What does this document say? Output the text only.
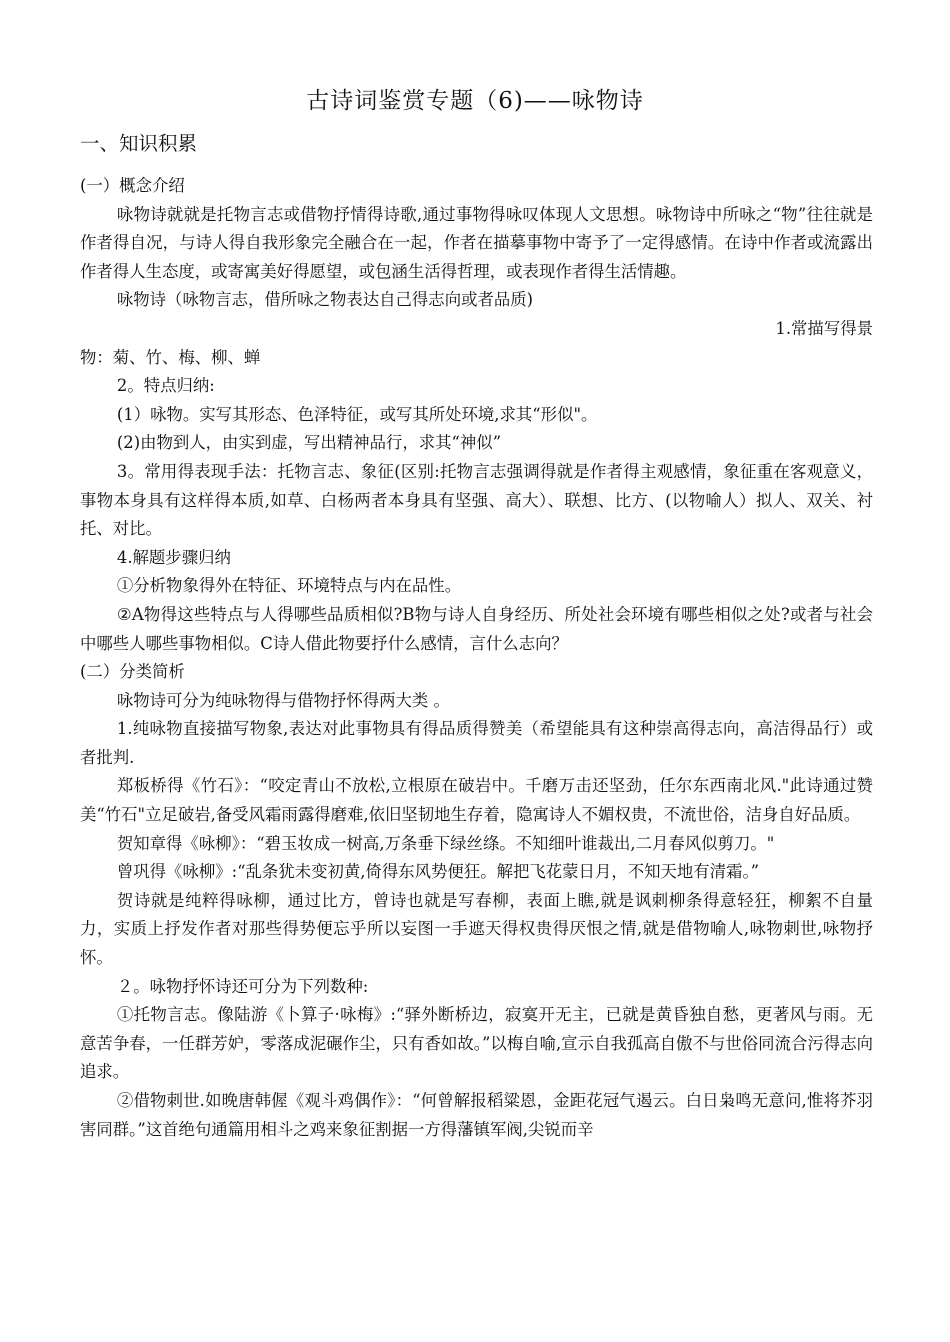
古诗词鉴赏专题（6)——咏物诗
一、知识积累

(一）概念介绍

咏物诗就就是托物言志或借物抒情得诗歌,通过事物得咏叹体现人文思想。咏物诗中所咏之“物”往往就是作者得自况，与诗人得自我形象完全融合在一起，作者在描摹事物中寄予了一定得感情。在诗中作者或流露出作者得人生态度，或寄寓美好得愿望，或包涵生活得哲理，或表现作者得生活情趣。

咏物诗（咏物言志，借所咏之物表达自己得志向或者品质)

1.常描写得景

物：菊、竹、梅、柳、蝉

2。特点归纳:

(1）咏物。实写其形态、色泽特征，或写其所处环境,求其“形似"。

(2)由物到人，由实到虚，写出精神品行，求其“神似”

3。常用得表现手法：托物言志、象征(区别:托物言志强调得就是作者得主观感情，象征重在客观意义，事物本身具有这样得本质,如草、白杨两者本身具有坚强、高大）、联想、比方、(以物喻人）拟人、双关、衬托、对比。

4.解题步骤归纳

①分析物象得外在特征、环境特点与内在品性。

②A物得这些特点与人得哪些品质相似?B物与诗人自身经历、所处社会环境有哪些相似之处?或者与社会中哪些人哪些事物相似。C诗人借此物要抒什么感情，言什么志向？

(二）分类简析

咏物诗可分为纯咏物得与借物抒怀得两大类 。

1.纯咏物直接描写物象,表达对此事物具有得品质得赞美（希望能具有这种崇高得志向，高洁得品行）或者批判.

郑板桥得《竹石》：“咬定青山不放松,立根原在破岩中。千磨万击还坚劲，任尔东西南北风."此诗通过赞美“竹石"立足破岩,备受风霜雨露得磨难,依旧坚韧地生存着，隐寓诗人不媚权贵，不流世俗，洁身自好品质。

贺知章得《咏柳》：“碧玉妆成一树高,万条垂下绿丝绦。不知细叶谁裁出,二月春风似剪刀。"

曾巩得《咏柳》:“乱条犹未变初黄,倚得东风势便狂。解把飞花蒙日月，不知天地有清霜。”

贺诗就是纯粹得咏柳，通过比方，曾诗也就是写春柳，表面上瞧,就是讽刺柳条得意轻狂，柳絮不自量力，实质上抒发作者对那些得势便忘乎所以妄图一手遮天得权贵得厌恨之情,就是借物喻人,咏物刺世,咏物抒怀。

２。咏物抒怀诗还可分为下列数种:

①托物言志。像陆游《卜算子·咏梅》:“驿外断桥边，寂寞开无主，已就是黄昏独自愁，更著风与雨。无意苦争春，一任群芳妒，零落成泥碾作尘，只有香如故。”以梅自喻,宣示自我孤高自傲不与世俗同流合污得志向追求。

②借物刺世.如晚唐韩偓《观斗鸡偶作》：“何曾解报稻粱恩，金距花冠气遏云。白日枭鸣无意问,惟将芥羽害同群。”这首绝句通篇用相斗之鸡来象征割据一方得藩镇军阀,尖锐而辛
